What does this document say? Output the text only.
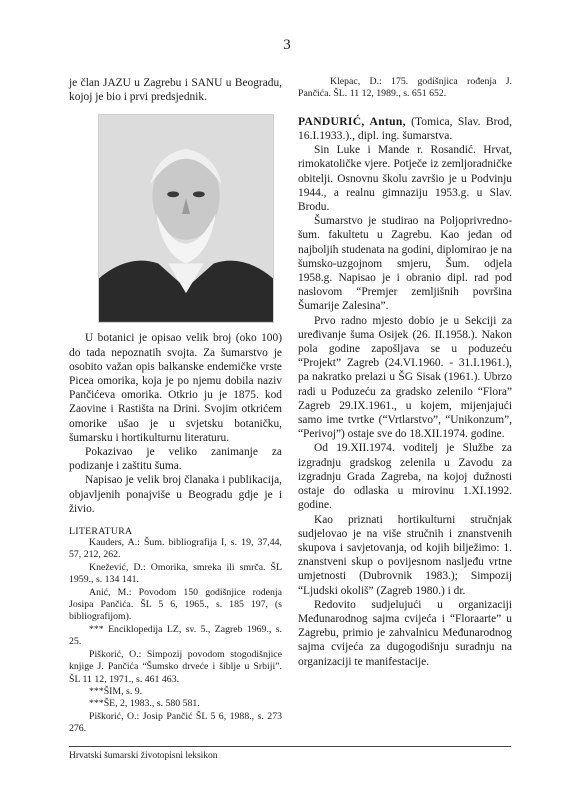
3

je član JAZU u Zagrebu i SANU u Beogradu, kojoj je bio i prvi predsjednik.

U botanici je opisao velik broj (oko 100) do tada nepoznatih svojta. Za šumarstvo je osobito važan opis balkanske endemičke vrste Picea omorika, koja je po njemu dobila naziv Pančićeva omorika. Otkrio ju je 1875. kod Zaovine i Rastišta na Drini. Svojim otkrićem omorike ušao je u svjetsku botaničku, šumarsku i hortikulturnu literaturu.

Pokazivao je veliko zanimanje za podizanje i zaštitu šuma.

Napisao je velik broj članaka i publikacija, objavljenih ponajviše u Beogradu gdje je i živio.

LITERATURA

Kauders, A.: Šum. bibliografija I, s. 19, 37,44, 57, 212, 262.

Knežević, D.: Omorika, smreka ili smrča. ŠL 1959., s. 134 141.

Anić, M.: Povodom 150 godišnjice rodenja Josipa Pančića. ŠL 5 6, 1965., s. 185 197, (s bibliografijom).

*** Enciklopedija LZ, sv. 5., Zagreb 1969., s. 25.

Piškorić, O.: Simpozij povodom stogodišnjice knjige J. Pančića “Šumsko drveće i šiblje u Srbiji”. ŠL 11 12, 1971., s. 461 463.

***ŠIM, s. 9.

***ŠE, 2, 1983., s. 580 581.

Piškorić, O.: Josip Pančić ŠL 5 6, 1988., s. 273 276.

Klepac, D.: 175. godišnjica rođenja J. Pančića. ŠL. 11 12, 1989., s. 651 652.

PANDURIĆ, Antun, (Tomica, Slav. Brod, 16.I.1933.)., dipl. ing. šumarstva.

Sin Luke i Mande r. Rosandić. Hrvat, rimokatoličke vjere. Potječe iz zemljoradničke obitelji. Osnovnu školu završio je u Podvinju 1944., a realnu gimnaziju 1953.g. u Slav. Brodu.

Šumarstvo je studirao na Poljoprivredno-šum. fakultetu u Zagrebu. Kao jedan od najboljih studenata na godini, diplomirao je na šumsko-uzgojnom smjeru, Šum. odjela 1958.g. Napisao je i obranio dipl. rad pod naslovom “Premjer zemljišnih površina Šumarije Zalesina”.

Prvo radno mjesto dobio je u Sekciji za uređivanje šuma Osijek (26. II.1958.). Nakon pola godine zapošljava se u poduzeću “Projekt” Zagreb (24.VI.1960. - 31.I.1961.), pa nakratko prelazi u ŠG Sisak (1961.). Ubrzo radi u Poduzeću za gradsko zelenilo “Flora” Zagreb 29.IX.1961., u kojem, mijenjajući samo ime tvrtke (“Vrtlarstvo”, “Unikonzum”, “Perivoj”) ostaje sve do 18.XII.1974. godine.

Od 19.XII.1974. voditelj je Službe za izgradnju gradskog zelenila u Zavodu za izgradnju Grada Zagreba, na kojoj dužnosti ostaje do odlaska u mirovinu 1.XI.1992. godine.

Kao priznati hortikulturni stručnjak sudjelovao je na više stručnih i znanstvenih skupova i savjetovanja, od kojih bilježimo: 1. znanstveni skup o povijesnom nasljeđu vrtne umjetnosti (Dubrovnik 1983.); Simpozij “Ljudski okoliš” (Zagreb 1980.) i dr.

Redovito sudjelujući u organizaciji Međunarodnog sajma cvijeća i “Floraarte” u Zagrebu, primio je zahvalnicu Međunarodnog sajma cvijeća za dugogodišnju suradnju na organizaciji te manifestacije.

Hrvatski šumarski životopisni leksikon
